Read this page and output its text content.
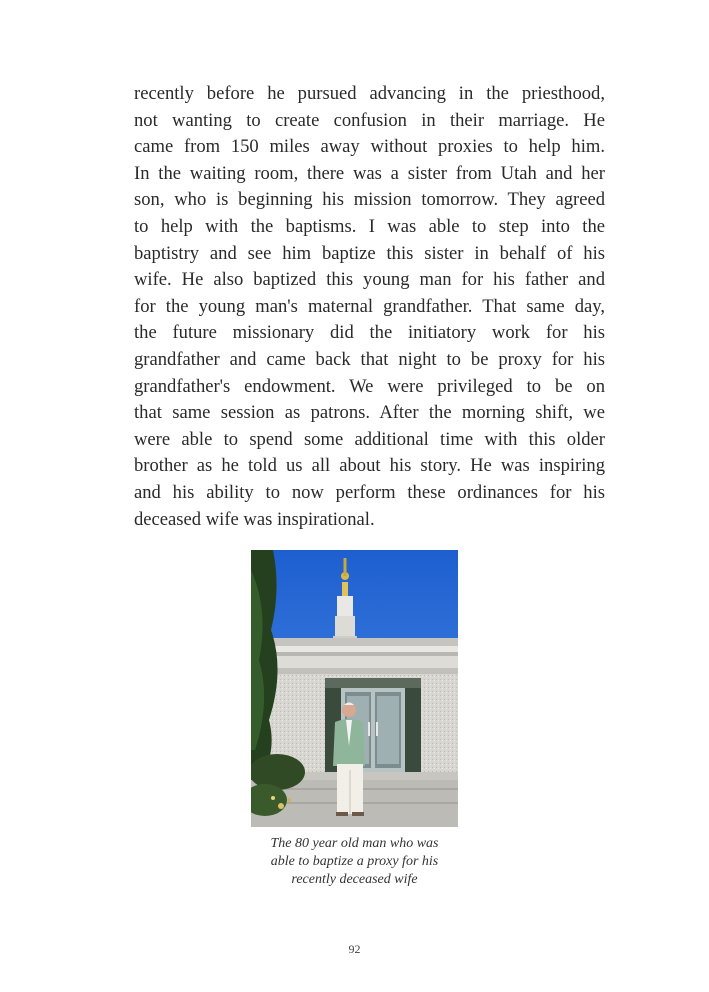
recently before he pursued advancing in the priesthood,
not wanting to create confusion in their marriage. He
came from 150 miles away without proxies to help him.
In the waiting room, there was a sister from Utah and her
son, who is beginning his mission tomorrow. They agreed
to help with the baptisms. I was able to step into the
baptistry and see him baptize this sister in behalf of his
wife. He also baptized this young man for his father and
for the young man's maternal grandfather. That same day,
the future missionary did the initiatory work for his
grandfather and came back that night to be proxy for his
grandfather's endowment. We were privileged to be on
that same session as patrons. After the morning shift, we
were able to spend some additional time with this older
brother as he told us all about his story. He was inspiring
and his ability to now perform these ordinances for his
deceased wife was inspirational.
The 80 year old man who was
able to baptize a proxy for his
recently deceased wife
92
